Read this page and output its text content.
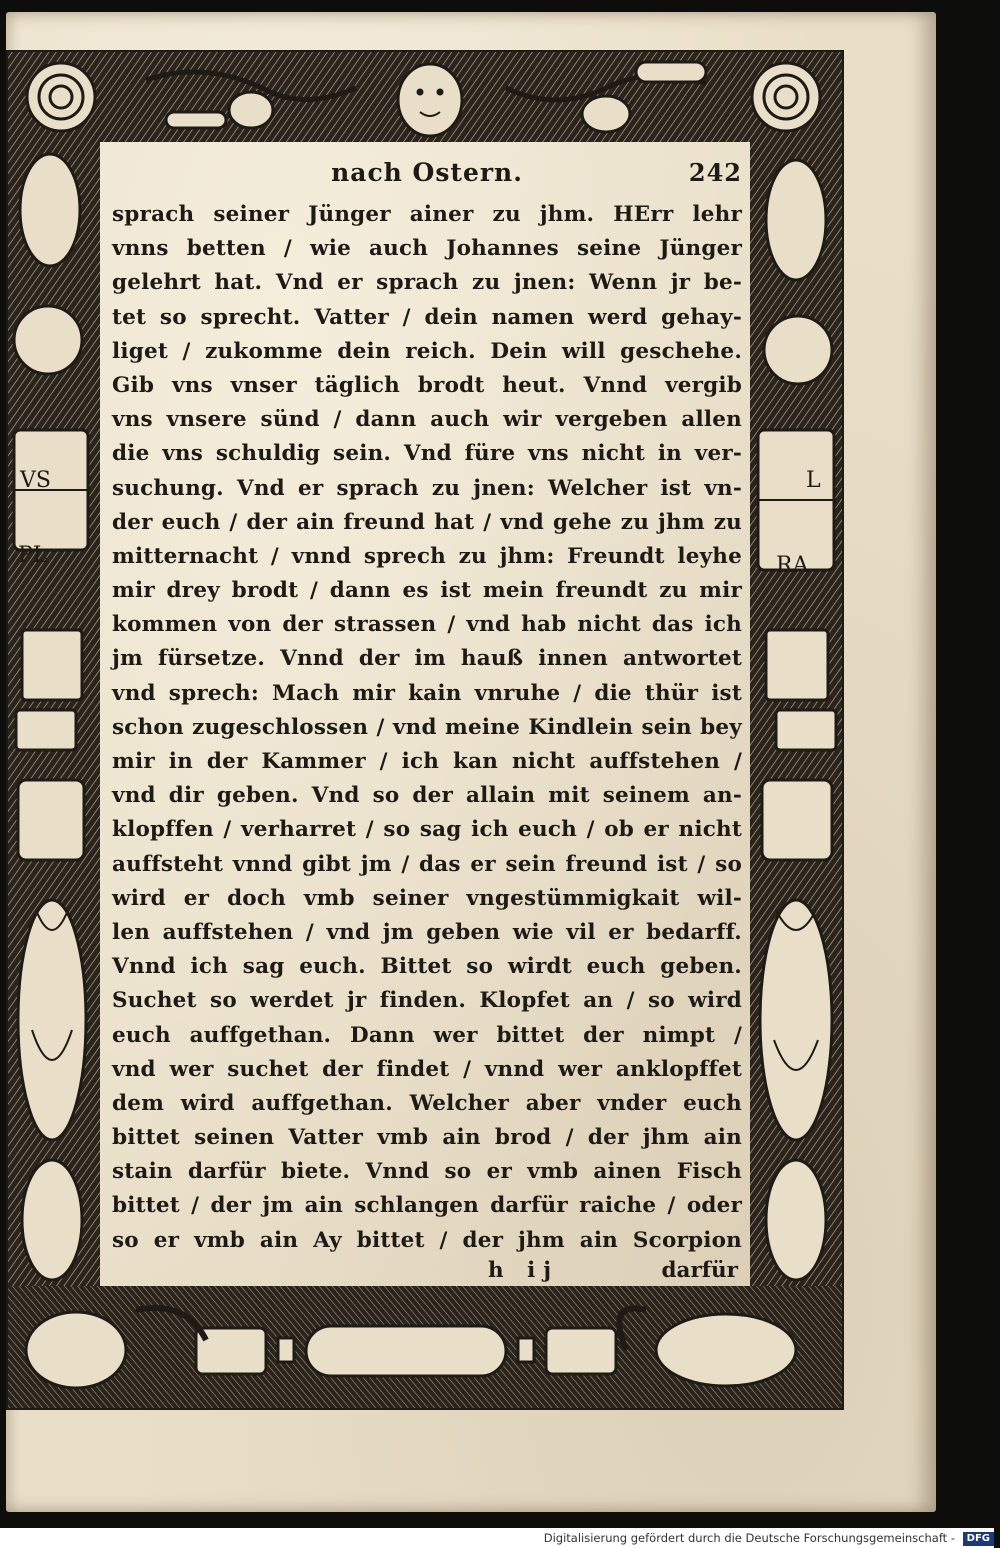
VS
PL
L
RA
nach Ostern.	242
sprach seiner Jünger ainer zu jhm. HErr lehr
vnns betten / wie auch Johannes seine Jünger
gelehrt hat. Vnd er sprach zu jnen: Wenn jr be-
tet so sprecht. Vatter / dein namen werd gehay-
liget / zukomme dein reich. Dein will geschehe.
Gib vns vnser täglich brodt heut. Vnnd vergib
vns vnsere sünd / dann auch wir vergeben allen
die vns schuldig sein. Vnd füre vns nicht in ver-
suchung. Vnd er sprach zu jnen: Welcher ist vn-
der euch / der ain freund hat / vnd gehe zu jhm zu
mitternacht / vnnd sprech zu jhm: Freundt leyhe
mir drey brodt / dann es ist mein freundt zu mir
kommen von der strassen / vnd hab nicht das ich
jm fürsetze. Vnnd der im hauß innen antwortet
vnd sprech: Mach mir kain vnruhe / die thür ist
schon zugeschlossen / vnd meine Kindlein sein bey
mir in der Kammer / ich kan nicht auffstehen /
vnd dir geben. Vnd so der allain mit seinem an-
klopffen / verharret / so sag ich euch / ob er nicht
auffsteht vnnd gibt jm / das er sein freund ist / so
wird er doch vmb seiner vngestümmigkait wil-
len auffstehen / vnd jm geben wie vil er bedarff.
Vnnd ich sag euch. Bittet so wirdt euch geben.
Suchet so werdet jr finden. Klopfet an / so wird
euch auffgethan. Dann wer bittet der nimpt /
vnd wer suchet der findet / vnnd wer anklopffet
dem wird auffgethan. Welcher aber vnder euch
bittet seinen Vatter vmb ain brod / der jhm ain
stain darfür biete. Vnnd so er vmb ainen Fisch
bittet / der jm ain schlangen darfür raiche / oder
so er vmb ain Ay bittet / der jhm ain Scorpion
h ij	darfür
Digitalisierung gefördert durch die Deutsche Forschungsgemeinschaft - DFG
